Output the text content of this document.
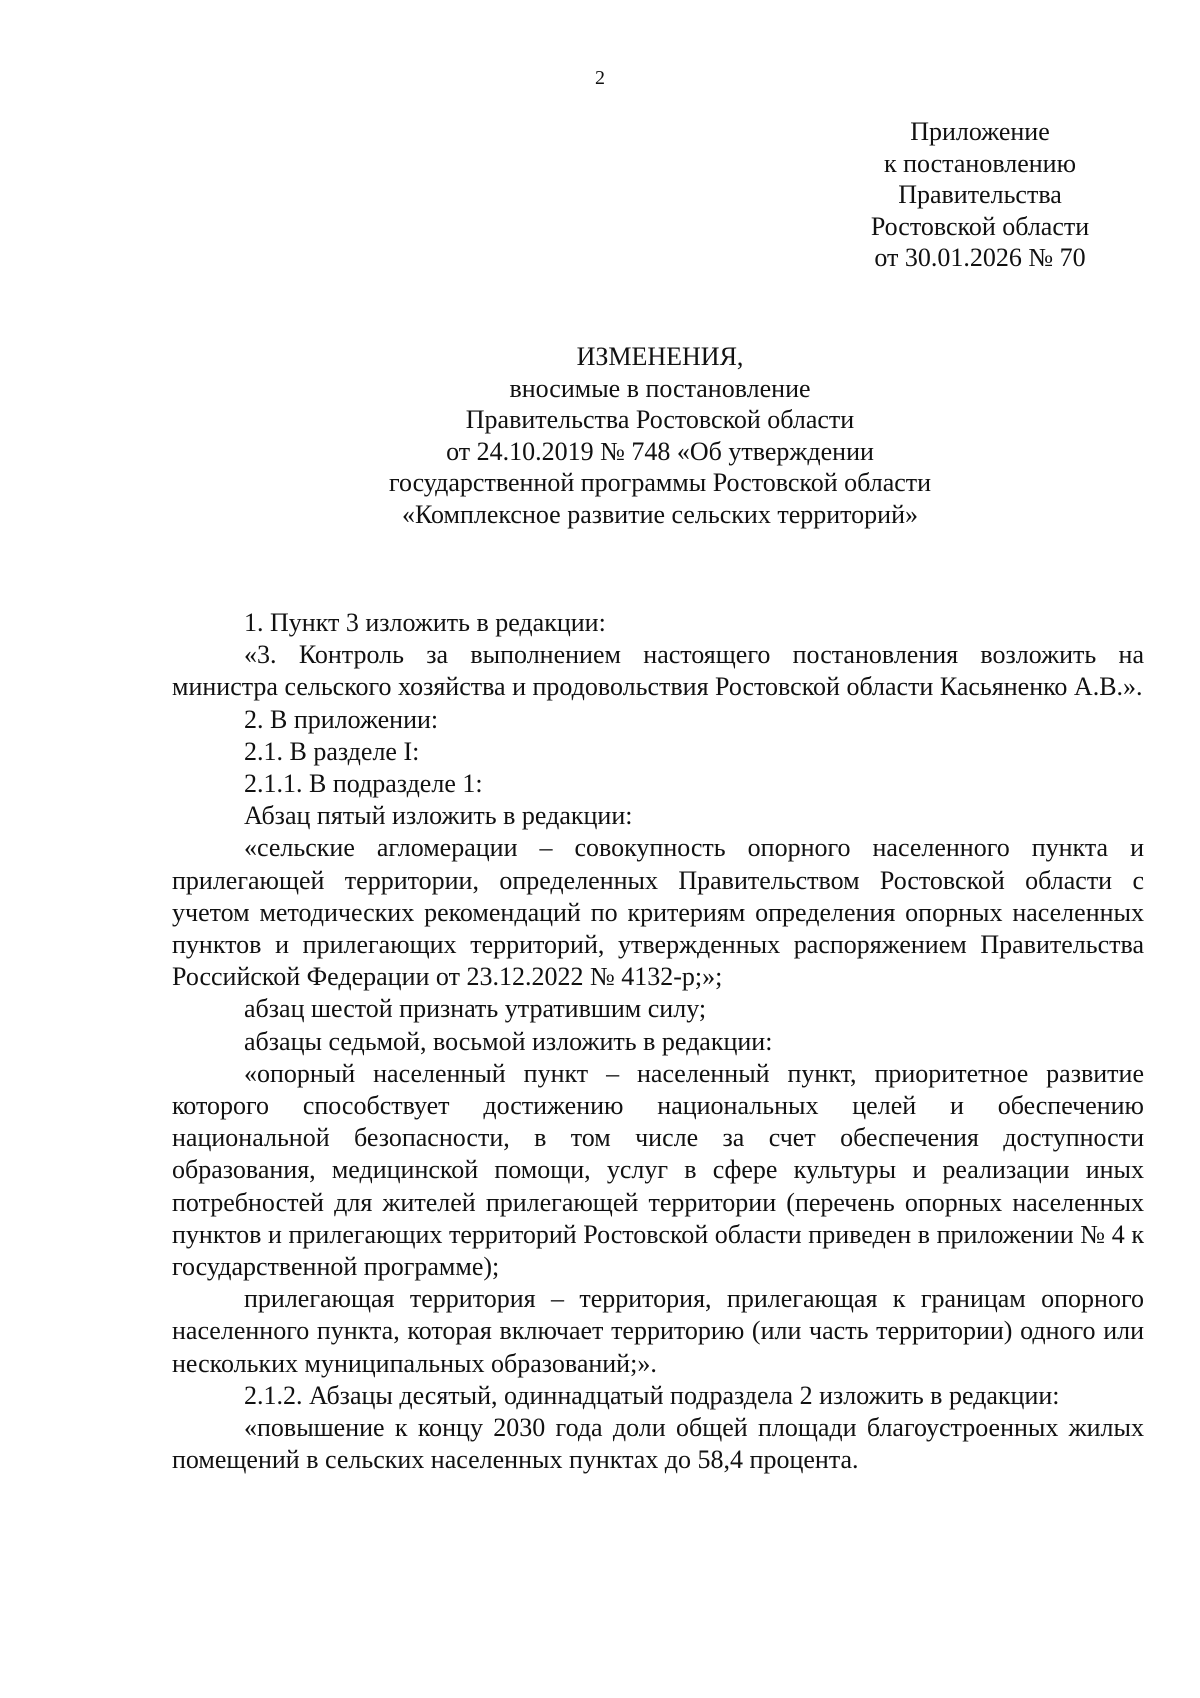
2
Приложение
к постановлению
Правительства
Ростовской области
от 30.01.2026 № 70
ИЗМЕНЕНИЯ,
вносимые в постановление
Правительства Ростовской области
от 24.10.2019 № 748 «Об утверждении
государственной программы Ростовской области
«Комплексное развитие сельских территорий»

1. Пункт 3 изложить в редакции:

«3. Контроль за выполнением настоящего постановления возложить на министра сельского хозяйства и продовольствия Ростовской области Касьяненко А.В.».

2. В приложении:

2.1. В разделе I:

2.1.1. В подразделе 1:

Абзац пятый изложить в редакции:

«сельские агломерации – совокупность опорного населенного пункта и прилегающей территории, определенных Правительством Ростовской области с учетом методических рекомендаций по критериям определения опорных населенных пунктов и прилегающих территорий, утвержденных распоряжением Правительства Российской Федерации от 23.12.2022 № 4132-р;»;

абзац шестой признать утратившим силу;

абзацы седьмой, восьмой изложить в редакции:

«опорный населенный пункт – населенный пункт, приоритетное развитие которого способствует достижению национальных целей и обеспечению национальной безопасности, в том числе за счет обеспечения доступности образования, медицинской помощи, услуг в сфере культуры и реализации иных потребностей для жителей прилегающей территории (перечень опорных населенных пунктов и прилегающих территорий Ростовской области приведен в приложении № 4 к государственной программе);

прилегающая территория – территория, прилегающая к границам опорного населенного пункта, которая включает территорию (или часть территории) одного или нескольких муниципальных образований;».

2.1.2. Абзацы десятый, одиннадцатый подраздела 2 изложить в редакции:

«повышение к концу 2030 года доли общей площади благоустроенных жилых помещений в сельских населенных пунктах до 58,4 процента.
